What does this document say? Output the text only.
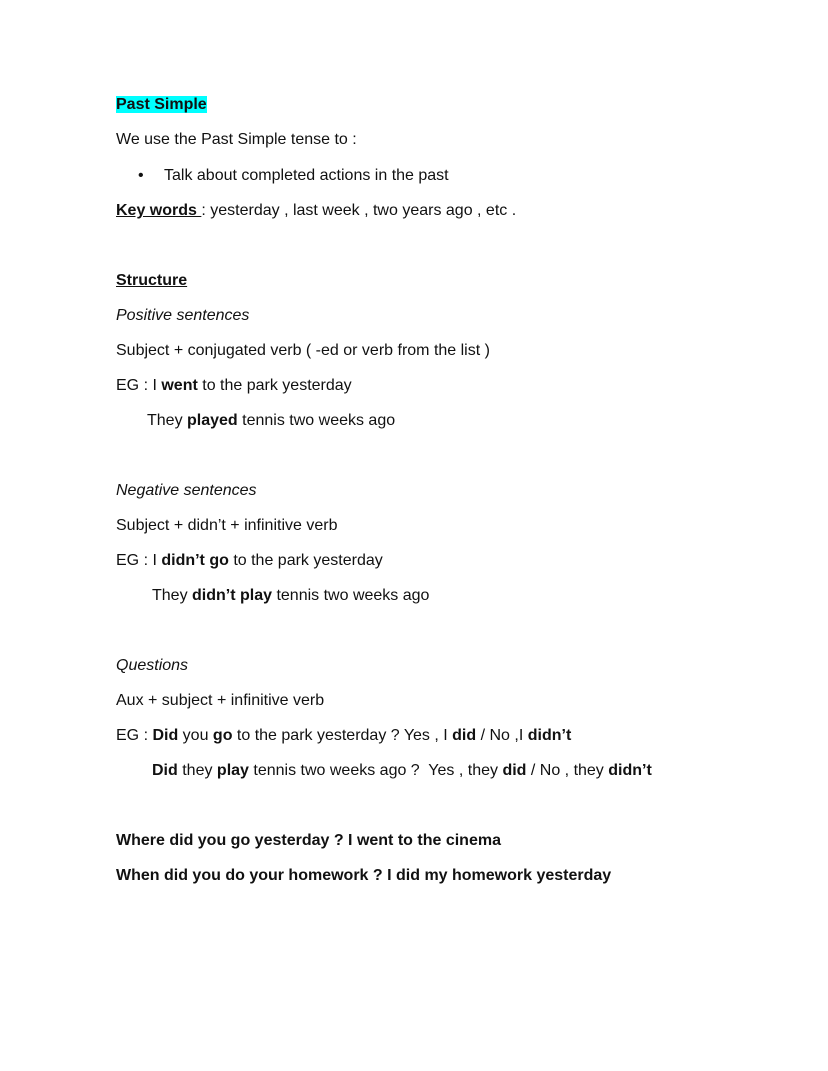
Past Simple
We use the Past Simple tense to :
• Talk about completed actions in the past
Key words : yesterday , last week , two years ago , etc .
Structure
Positive sentences
Subject + conjugated verb ( -ed or verb from the list )
EG : I went to the park yesterday
They played tennis two weeks ago
Negative sentences
Subject + didn’t + infinitive verb
EG : I didn’t go to the park yesterday
They didn’t play tennis two weeks ago
Questions
Aux + subject + infinitive verb
EG : Did you go to the park yesterday ? Yes , I did / No ,I didn’t
Did they play tennis two weeks ago ?  Yes , they did / No , they didn’t
Where did you go yesterday ? I went to the cinema
When did you do your homework ? I did my homework yesterday
